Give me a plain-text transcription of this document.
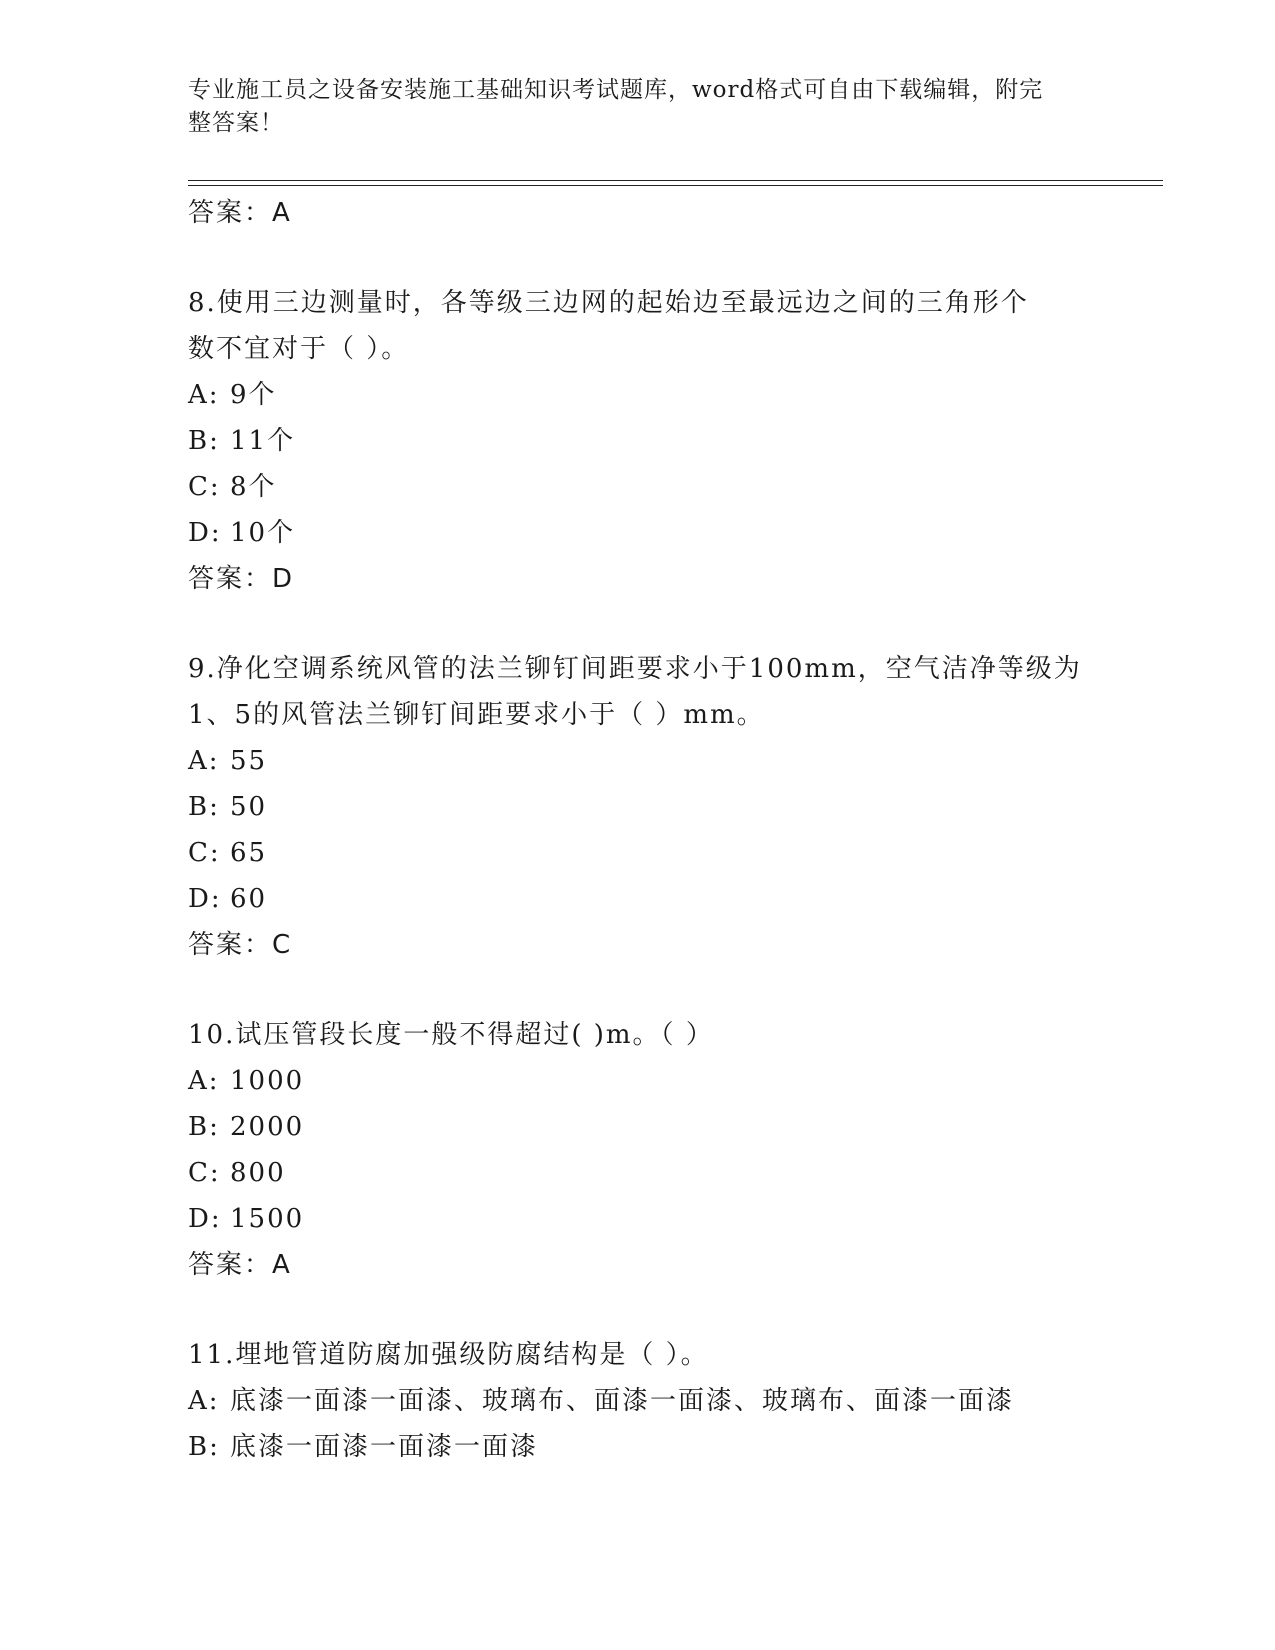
专业施工员之设备安装施工基础知识考试题库，word格式可自由下载编辑，附完
整答案！
答案：A
8.使用三边测量时，各等级三边网的起始边至最远边之间的三角形个
数不宜对于（ ）。
A: 9个
B: 11个
C: 8个
D: 10个
答案：D
9.净化空调系统风管的法兰铆钉间距要求小于100mm，空气洁净等级为
1、5的风管法兰铆钉间距要求小于（ ）mm。
A: 55
B: 50
C: 65
D: 60
答案：C
10.试压管段长度一般不得超过( )m。（ ）
A: 1000
B: 2000
C: 800
D: 1500
答案：A
11.埋地管道防腐加强级防腐结构是（ ）。
A: 底漆一面漆一面漆、玻璃布、面漆一面漆、玻璃布、面漆一面漆
B: 底漆一面漆一面漆一面漆
